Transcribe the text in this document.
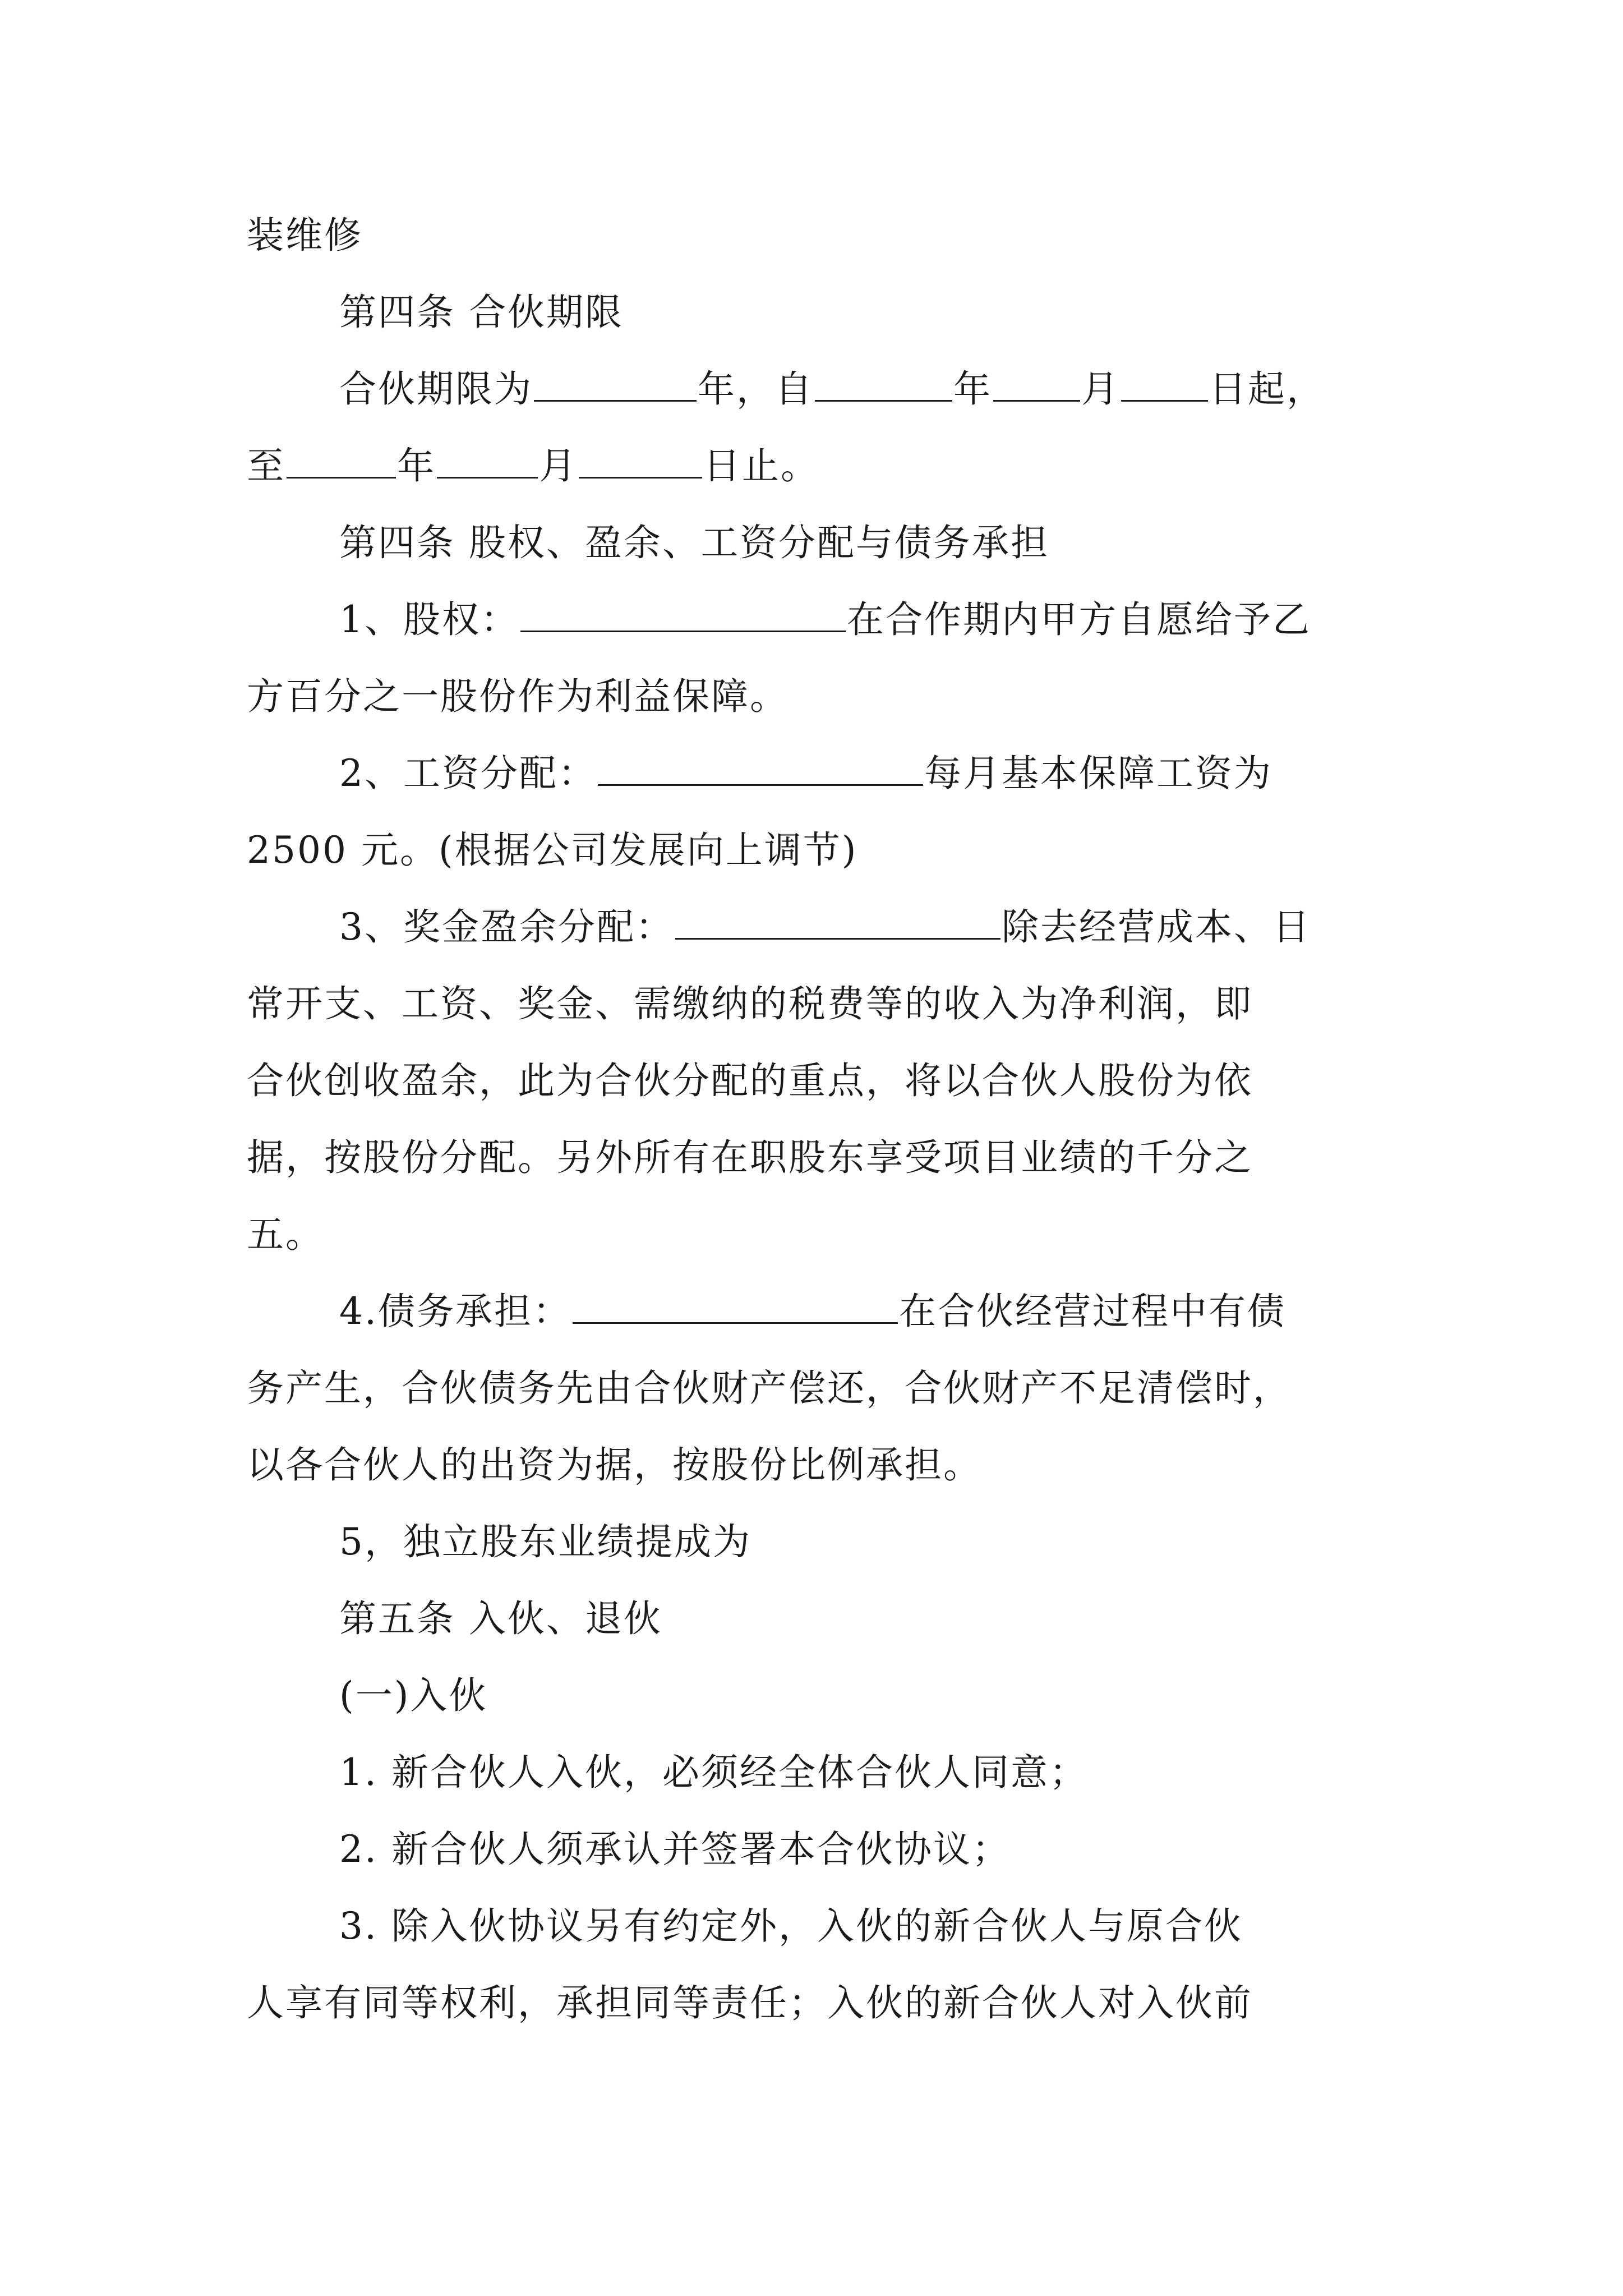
装维修
第四条 合伙期限
合伙期限为	年，自	年 月 日起，
至	年	月	日止。
第四条 股权、盈余、工资分配与债务承担
1、股权：	在合作期内甲方自愿给予乙
方百分之一股份作为利益保障。
2、工资分配：	每月基本保障工资为
2500 元。(根据公司发展向上调节)
3、奖金盈余分配：	除去经营成本、日
常开支、工资、奖金、需缴纳的税费等的收入为净利润，即
合伙创收盈余，此为合伙分配的重点，将以合伙人股份为依
据，按股份分配。另外所有在职股东享受项目业绩的千分之
五。
4.债务承担：	在合伙经营过程中有债
务产生，合伙债务先由合伙财产偿还，合伙财产不足清偿时，
以各合伙人的出资为据，按股份比例承担。
5，独立股东业绩提成为
第五条 入伙、退伙
(一)入伙
1. 新合伙人入伙，必须经全体合伙人同意；
2. 新合伙人须承认并签署本合伙协议；
3. 除入伙协议另有约定外，入伙的新合伙人与原合伙
人享有同等权利，承担同等责任；入伙的新合伙人对入伙前
